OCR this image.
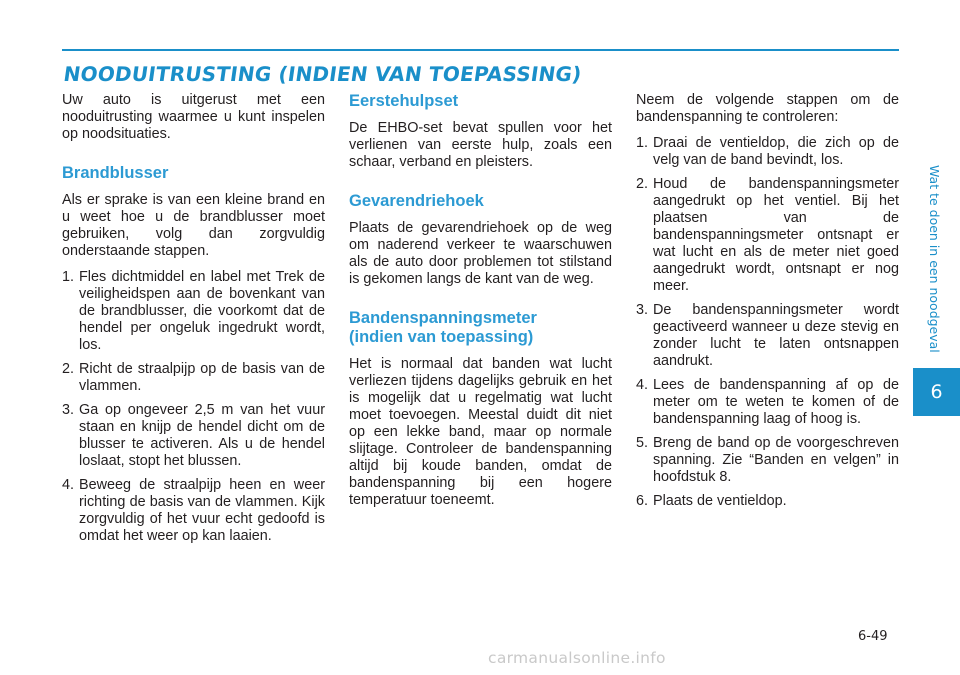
NOODUITRUSTING (INDIEN VAN TOEPASSING)

Uw auto is uitgerust met een nooduitrusting waarmee u kunt inspelen op noodsituaties.

Brandblusser

Als er sprake is van een kleine brand en u weet hoe u de brandblusser moet gebruiken, volg dan zorgvuldig onderstaande stappen.

1. Fles dichtmiddel en label met Trek de veiligheidspen aan de bovenkant van de brandblusser, die voorkomt dat de hendel per ongeluk ingedrukt wordt, los.
2. Richt de straalpijp op de basis van de vlammen.
3. Ga op ongeveer 2,5 m van het vuur staan en knijp de hendel dicht om de blusser te activeren. Als u de hendel loslaat, stopt het blussen.
4. Beweeg de straalpijp heen en weer richting de basis van de vlammen. Kijk zorgvuldig of het vuur echt gedoofd is omdat het weer op kan laaien.
Eerstehulpset

De EHBO-set bevat spullen voor het verlienen van eerste hulp, zoals een schaar, verband en pleisters.

Gevarendriehoek

Plaats de gevarendriehoek op de weg om naderend verkeer te waarschuwen als de auto door problemen tot stilstand is gekomen langs de kant van de weg.

Bandenspanningsmeter
(indien van toepassing)

Het is normaal dat banden wat lucht verliezen tijdens dagelijks gebruik en het is mogelijk dat u regelmatig wat lucht moet toevoegen. Meestal duidt dit niet op een lekke band, maar op normale slijtage. Controleer de bandenspanning altijd bij koude banden, omdat de bandenspanning bij een hogere temperatuur toeneemt.

Neem de volgende stappen om de bandenspanning te controleren:

1. Draai de ventieldop, die zich op de velg van de band bevindt, los.
2. Houd de bandenspanningsmeter aangedrukt op het ventiel. Bij het plaatsen van de bandenspanningsmeter ontsnapt er wat lucht en als de meter niet goed aangedrukt wordt, ontsnapt er nog meer.
3. De bandenspanningsmeter wordt geactiveerd wanneer u deze stevig en zonder lucht te laten ontsnappen aandrukt.
4. Lees de bandenspanning af op de meter om te weten te komen of de bandenspanning laag of hoog is.
5. Breng de band op de voorgeschreven spanning. Zie “Banden en velgen” in hoofdstuk 8.
6. Plaats de ventieldop.
Wat te doen in een noodgeval
6
6-49
carmanualsonline.info
